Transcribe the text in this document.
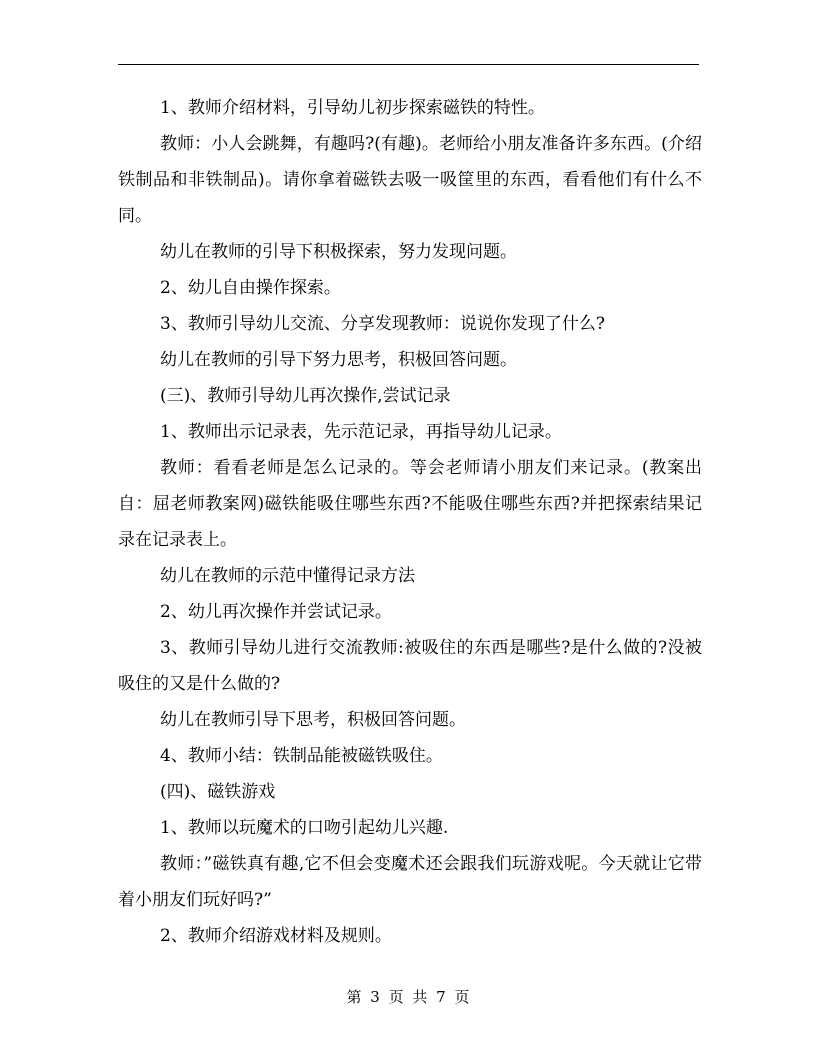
1、教师介绍材料，引导幼儿初步探索磁铁的特性。

教师：小人会跳舞，有趣吗?(有趣)。老师给小朋友准备许多东西。(介绍铁制品和非铁制品)。请你拿着磁铁去吸一吸筐里的东西，看看他们有什么不同。

幼儿在教师的引导下积极探索，努力发现问题。

2、幼儿自由操作探索。

3、教师引导幼儿交流、分享发现教师：说说你发现了什么?

幼儿在教师的引导下努力思考，积极回答问题。

(三)、教师引导幼儿再次操作,尝试记录

1、教师出示记录表，先示范记录，再指导幼儿记录。

教师：看看老师是怎么记录的。等会老师请小朋友们来记录。(教案出自：屈老师教案网)磁铁能吸住哪些东西?不能吸住哪些东西?并把探索结果记录在记录表上。

幼儿在教师的示范中懂得记录方法

2、幼儿再次操作并尝试记录。

3、教师引导幼儿进行交流教师:被吸住的东西是哪些?是什么做的?没被吸住的又是什么做的?

幼儿在教师引导下思考，积极回答问题。

4、教师小结：铁制品能被磁铁吸住。

(四)、磁铁游戏

1、教师以玩魔术的口吻引起幼儿兴趣.

教师：”磁铁真有趣,它不但会变魔术还会跟我们玩游戏呢。今天就让它带着小朋友们玩好吗?”

2、教师介绍游戏材料及规则。

第 3 页 共 7 页
